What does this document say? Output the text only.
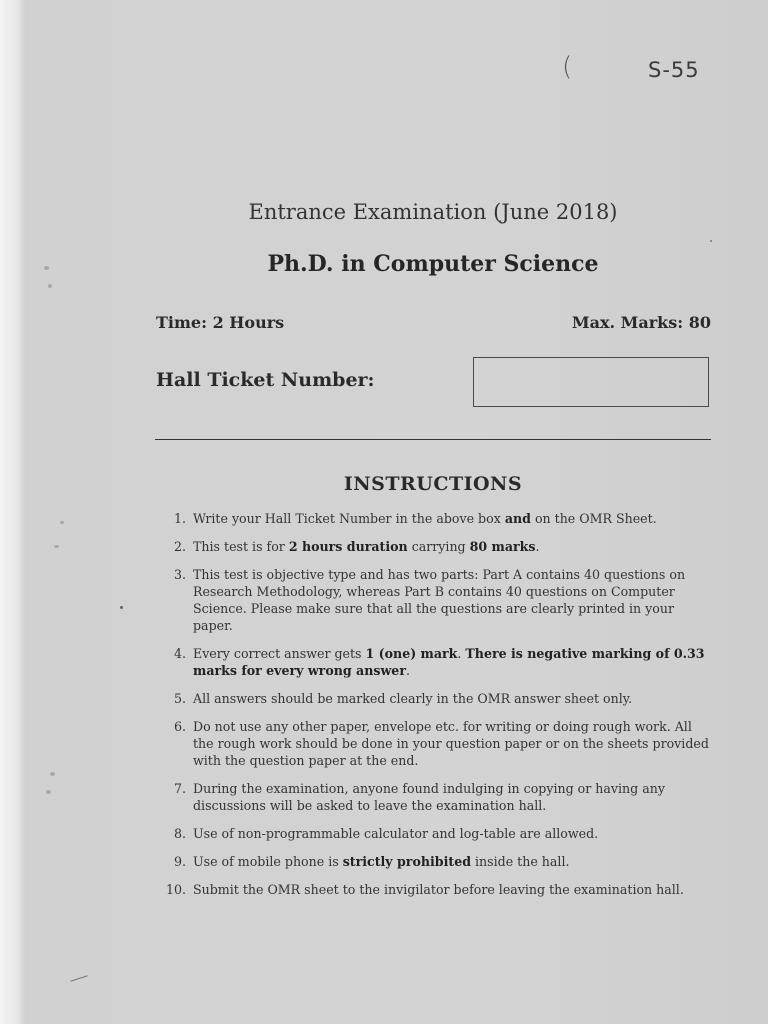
(	S-55
Entrance Examination (June 2018)
Ph.D. in Computer Science
Time: 2 Hours	Max. Marks: 80
Hall Ticket Number:
INSTRUCTIONS
1. Write your Hall Ticket Number in the above box and on the OMR Sheet.
2. This test is for 2 hours duration carrying 80 marks.
3. This test is objective type and has two parts: Part A contains 40 questions on Research Methodology, whereas Part B contains 40 questions on Computer Science. Please make sure that all the questions are clearly printed in your paper.
4. Every correct answer gets 1 (one) mark. There is negative marking of 0.33 marks for every wrong answer.
5. All answers should be marked clearly in the OMR answer sheet only.
6. Do not use any other paper, envelope etc. for writing or doing rough work. All the rough work should be done in your question paper or on the sheets provided with the question paper at the end.
7. During the examination, anyone found indulging in copying or having any discussions will be asked to leave the examination hall.
8. Use of non-programmable calculator and log-table are allowed.
9. Use of mobile phone is strictly prohibited inside the hall.
10. Submit the OMR sheet to the invigilator before leaving the examination hall.
